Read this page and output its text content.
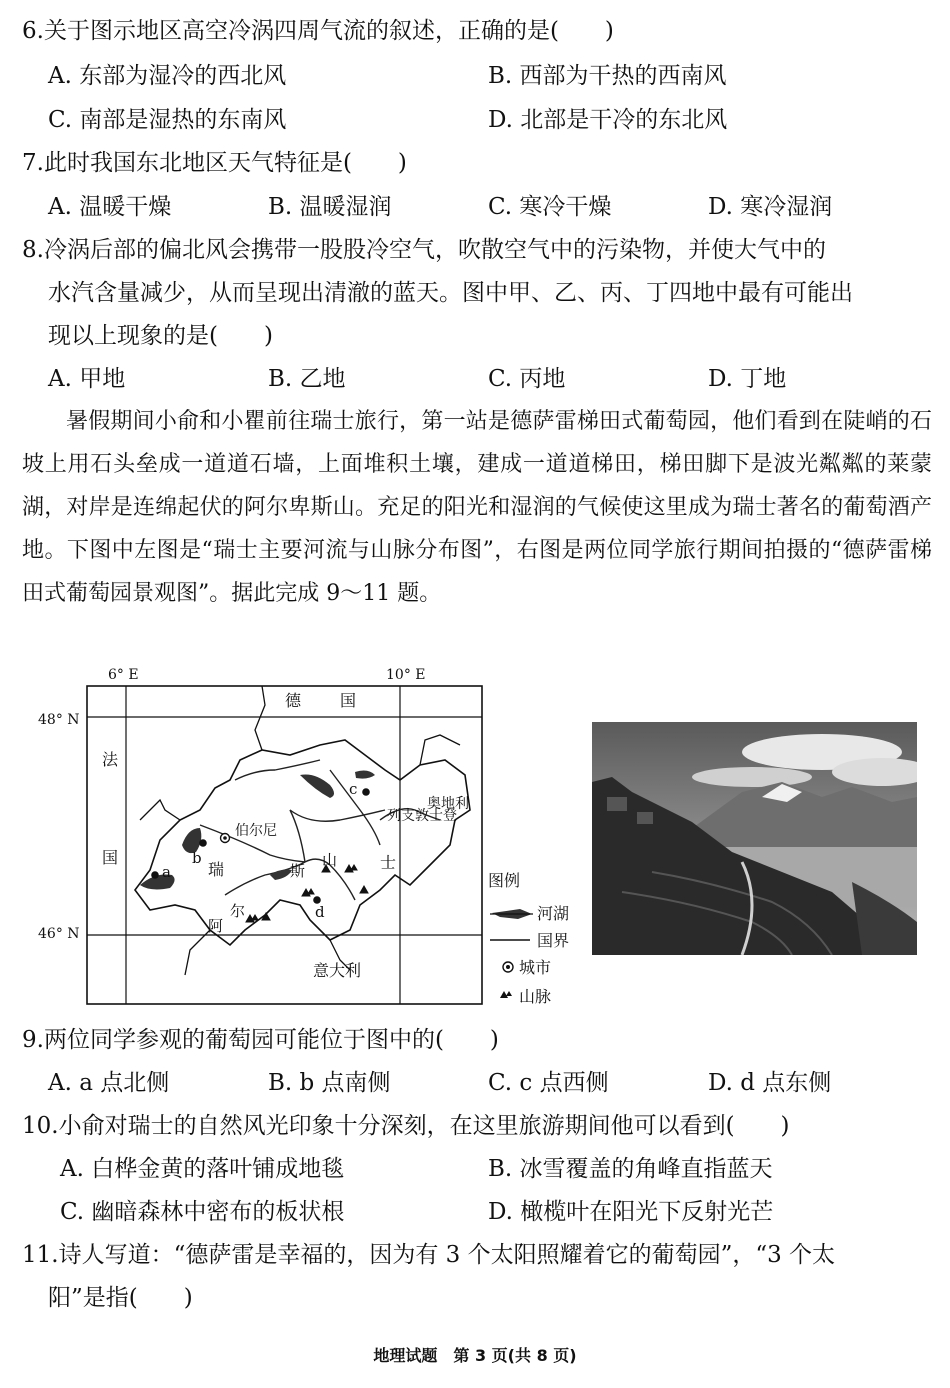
6.关于图示地区高空冷涡四周气流的叙述，正确的是(　　)
A. 东部为湿冷的西北风	B. 西部为干热的西南风
C. 南部是湿热的东南风	D. 北部是干冷的东北风
7.此时我国东北地区天气特征是(　　)
A. 温暖干燥	B. 温暖湿润	C. 寒冷干燥	D. 寒冷湿润
8.冷涡后部的偏北风会携带一股股冷空气，吹散空气中的污染物，并使大气中的
水汽含量减少，从而呈现出清澈的蓝天。图中甲、乙、丙、丁四地中最有可能出
现以上现象的是(　　)
A. 甲地	B. 乙地	C. 丙地	D. 丁地

暑假期间小俞和小瞿前往瑞士旅行，第一站是德萨雷梯田式葡萄园，他们看到在陡峭的石坡上用石头垒成一道道石墙，上面堆积土壤，建成一道道梯田，梯田脚下是波光粼粼的莱蒙湖，对岸是连绵起伏的阿尔卑斯山。充足的阳光和湿润的气候使这里成为瑞士著名的葡萄酒产地。下图中左图是“瑞士主要河流与山脉分布图”，右图是两位同学旅行期间拍摄的“德萨雷梯田式葡萄园景观图”。据此完成 9～11 题。

6° E	10° E
48° N
46° N
德 国
法
国
意大利
奥地利
列支敦士登
伯尔尼
瑞	士
山
斯
尔
阿
a
b
c
d
图例
河湖
国界
城市
山脉
9.两位同学参观的葡萄园可能位于图中的(　　)
A. a 点北侧	B. b 点南侧	C. c 点西侧	D. d 点东侧
10.小俞对瑞士的自然风光印象十分深刻，在这里旅游期间他可以看到(　　)
A. 白桦金黄的落叶铺成地毯	B. 冰雪覆盖的角峰直指蓝天
C. 幽暗森林中密布的板状根	D. 橄榄叶在阳光下反射光芒
11.诗人写道：“德萨雷是幸福的，因为有 3 个太阳照耀着它的葡萄园”，“3 个太
阳”是指(　　)
地理试题　第 3 页(共 8 页)
